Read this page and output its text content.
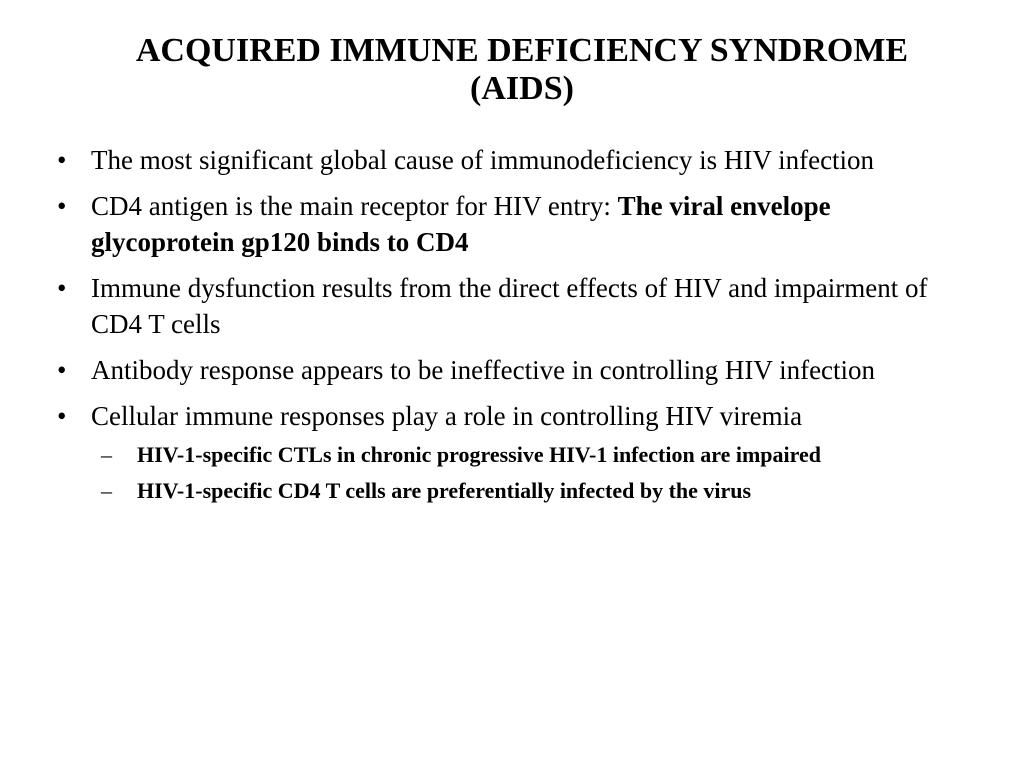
ACQUIRED IMMUNE DEFICIENCY SYNDROME
(AIDS)
• The most significant global cause of immunodeficiency is HIV infection
• CD4 antigen is the main receptor for HIV entry: The viral envelope glycoprotein gp120 binds to CD4
• Immune dysfunction results from the direct effects of HIV and impairment of CD4 T cells
• Antibody response appears to be ineffective in controlling HIV infection
• Cellular immune responses play a role in controlling HIV viremia
– HIV-1-specific CTLs in chronic progressive HIV-1 infection are impaired
– HIV-1-specific CD4 T cells are preferentially infected by the virus
